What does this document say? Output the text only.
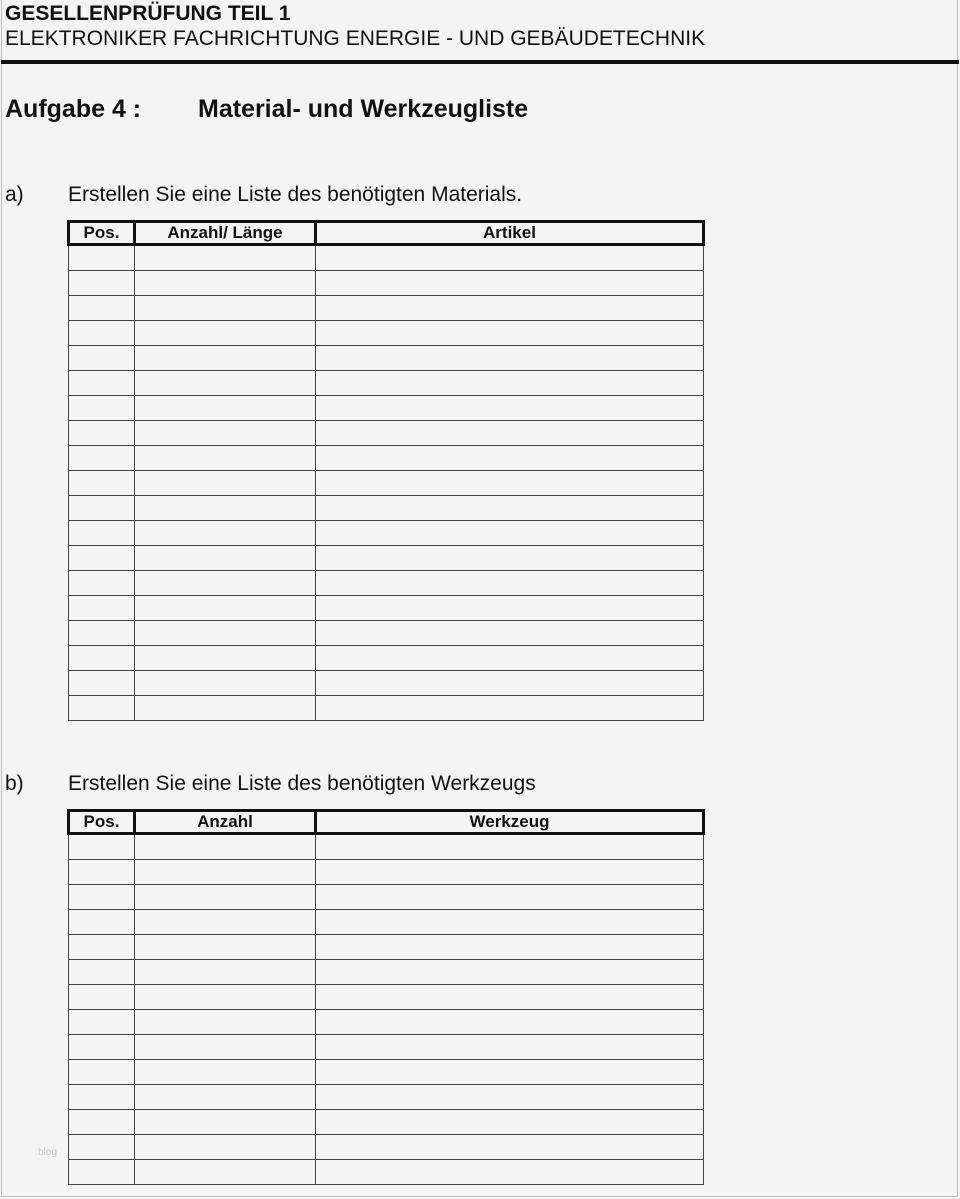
GESELLENPRÜFUNG TEIL 1
ELEKTRONIKER FACHRICHTUNG ENERGIE - UND GEBÄUDETECHNIK
Aufgabe 4 : Material- und Werkzeugliste
a) Erstellen Sie eine Liste des benötigten Materials.
Pos.	Anzahl/ Länge	Artikel

b) Erstellen Sie eine Liste des benötigten Werkzeugs
Pos.	Anzahl	Werkzeug

blog
